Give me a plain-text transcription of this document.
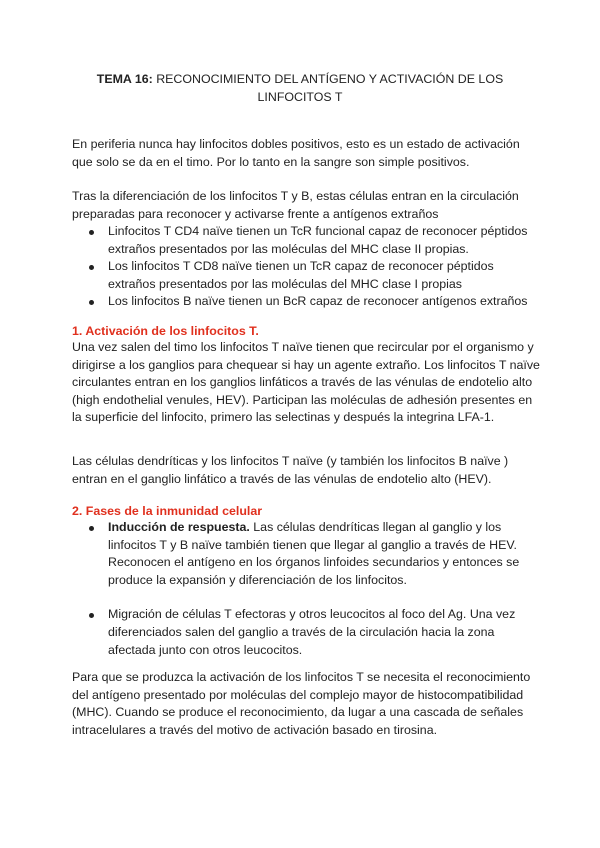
TEMA 16: RECONOCIMIENTO DEL ANTÍGENO Y ACTIVACIÓN DE LOS LINFOCITOS T
En periferia nunca hay linfocitos dobles positivos, esto es un estado de activación que solo se da en el timo. Por lo tanto en la sangre son simple positivos.
Tras la diferenciación de los linfocitos T y B, estas células entran en la circulación preparadas para reconocer y activarse frente a antígenos extraños
Linfocitos T CD4 naïve tienen un TcR funcional capaz de reconocer péptidos extraños presentados por las moléculas del MHC clase II propias.
Los linfocitos T CD8 naïve tienen un TcR capaz de reconocer péptidos extraños presentados por las moléculas del MHC clase I propias
Los linfocitos B naïve tienen un BcR capaz de reconocer antígenos extraños
1. Activación de los linfocitos T.
Una vez salen del timo los linfocitos T naïve tienen que recircular por el organismo y dirigirse a los ganglios para chequear si hay un agente extraño. Los linfocitos T naïve circulantes entran en los ganglios linfáticos a través de las vénulas de endotelio alto (high endothelial venules, HEV). Participan las moléculas de adhesión presentes en la superficie del linfocito, primero las selectinas y después la integrina LFA-1.
Las células dendríticas y los linfocitos T naïve (y también los linfocitos B naïve ) entran en el ganglio linfático a través de las vénulas de endotelio alto (HEV).
2. Fases de la inmunidad celular
Inducción de respuesta. Las células dendríticas llegan al ganglio y los linfocitos T y B naïve también tienen que llegar al ganglio a través de HEV. Reconocen el antígeno en los órganos linfoides secundarios y entonces se produce la expansión y diferenciación de los linfocitos.
Migración de células T efectoras y otros leucocitos al foco del Ag. Una vez diferenciados salen del ganglio a través de la circulación hacia la zona afectada junto con otros leucocitos.
Para que se produzca la activación de los linfocitos T se necesita el reconocimiento del antígeno presentado por moléculas del complejo mayor de histocompatibilidad (MHC). Cuando se produce el reconocimiento, da lugar a una cascada de señales intracelulares a través del motivo de activación basado en tirosina.
